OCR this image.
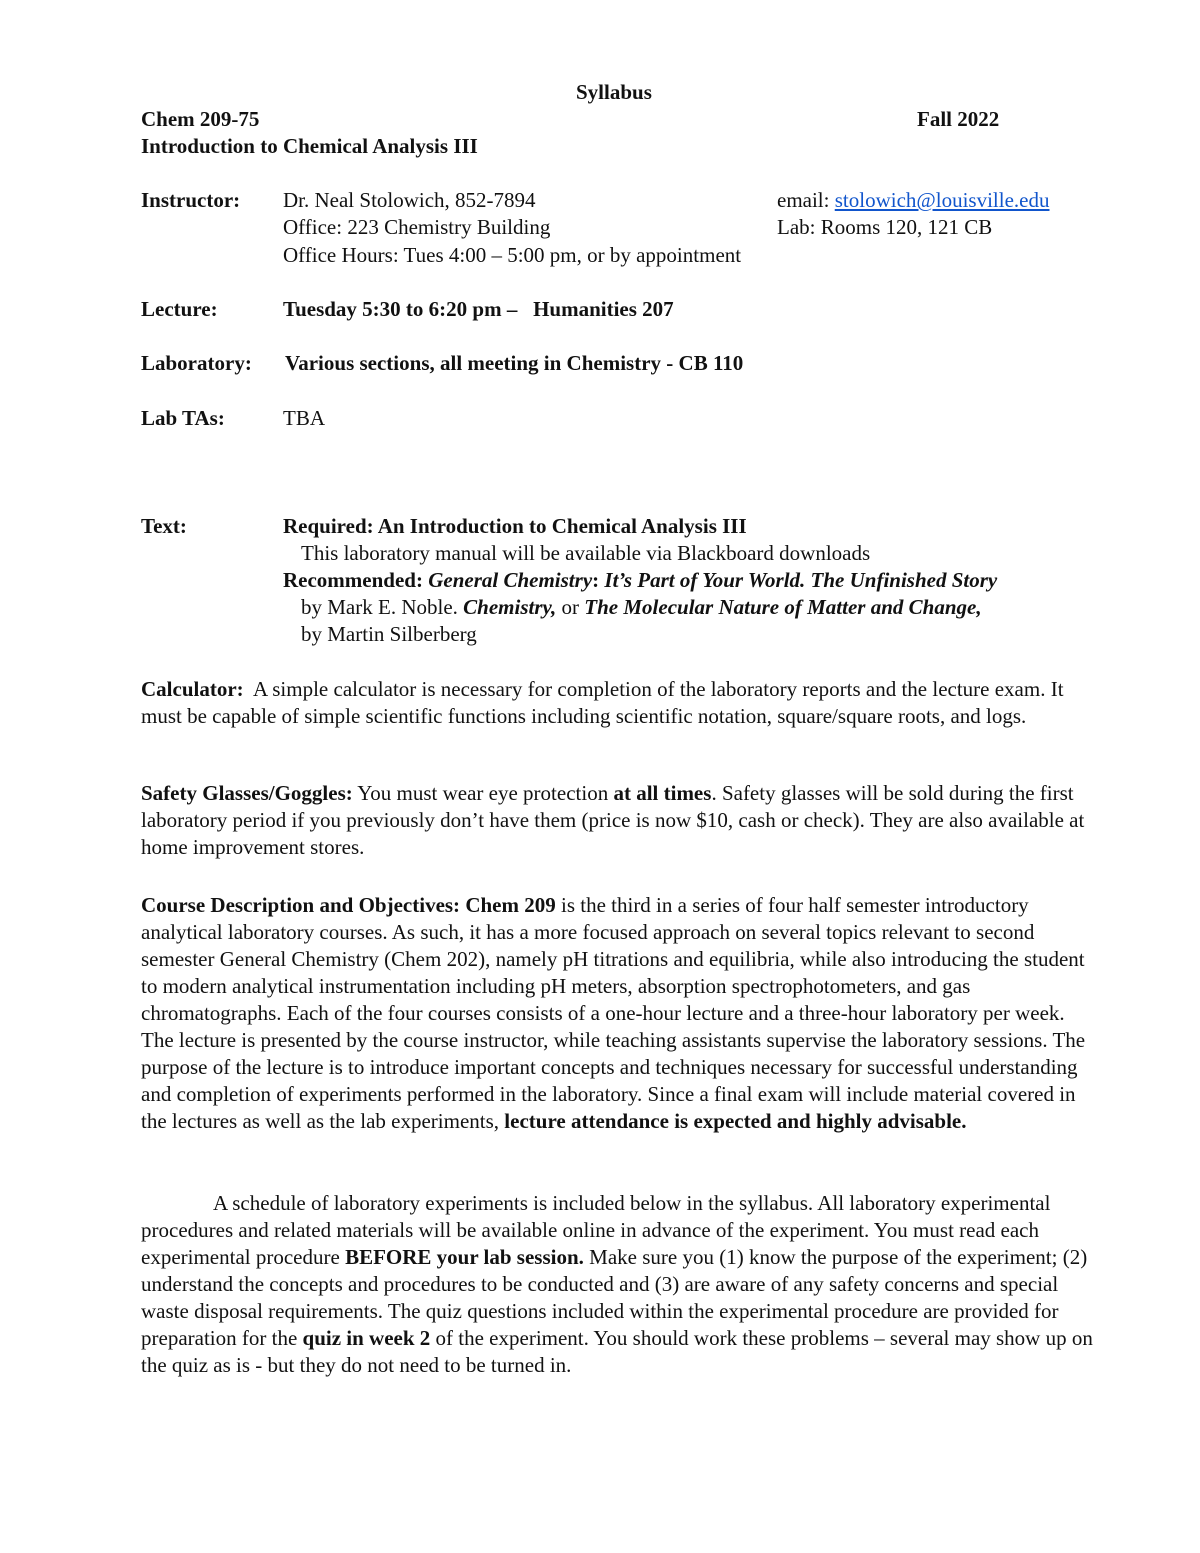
Syllabus
Chem 209-75	Fall 2022
Introduction to Chemical Analysis III
Instructor: Dr. Neal Stolowich, 852-7894	email: stolowich@louisville.edu
Office: 223 Chemistry Building	Lab: Rooms 120, 121 CB
Office Hours: Tues 4:00 – 5:00 pm, or by appointment
Lecture:	Tuesday 5:30 to 6:20 pm –   Humanities 207
Laboratory: Various sections, all meeting in Chemistry - CB 110
Lab TAs:	TBA
Text:	Required: An Introduction to Chemical Analysis III
This laboratory manual will be available via Blackboard downloads
Recommended: General Chemistry: It’s Part of Your World. The Unfinished Story
by Mark E. Noble. Chemistry, or The Molecular Nature of Matter and Change,
by Martin Silberberg
Calculator:  A simple calculator is necessary for completion of the laboratory reports and the lecture exam. It must be capable of simple scientific functions including scientific notation, square/square roots, and logs.
Safety Glasses/Goggles: You must wear eye protection at all times. Safety glasses will be sold during the first laboratory period if you previously don’t have them (price is now $10, cash or check). They are also available at home improvement stores.
Course Description and Objectives: Chem 209 is the third in a series of four half semester introductory analytical laboratory courses. As such, it has a more focused approach on several topics relevant to second semester General Chemistry (Chem 202), namely pH titrations and equilibria, while also introducing the student to modern analytical instrumentation including pH meters, absorption spectrophotometers, and gas chromatographs. Each of the four courses consists of a one-hour lecture and a three-hour laboratory per week. The lecture is presented by the course instructor, while teaching assistants supervise the laboratory sessions. The purpose of the lecture is to introduce important concepts and techniques necessary for successful understanding and completion of experiments performed in the laboratory. Since a final exam will include material covered in the lectures as well as the lab experiments, lecture attendance is expected and highly advisable.
A schedule of laboratory experiments is included below in the syllabus. All laboratory experimental procedures and related materials will be available online in advance of the experiment. You must read each experimental procedure BEFORE your lab session. Make sure you (1) know the purpose of the experiment; (2) understand the concepts and procedures to be conducted and (3) are aware of any safety concerns and special waste disposal requirements. The quiz questions included within the experimental procedure are provided for preparation for the quiz in week 2 of the experiment. You should work these problems – several may show up on the quiz as is - but they do not need to be turned in.
